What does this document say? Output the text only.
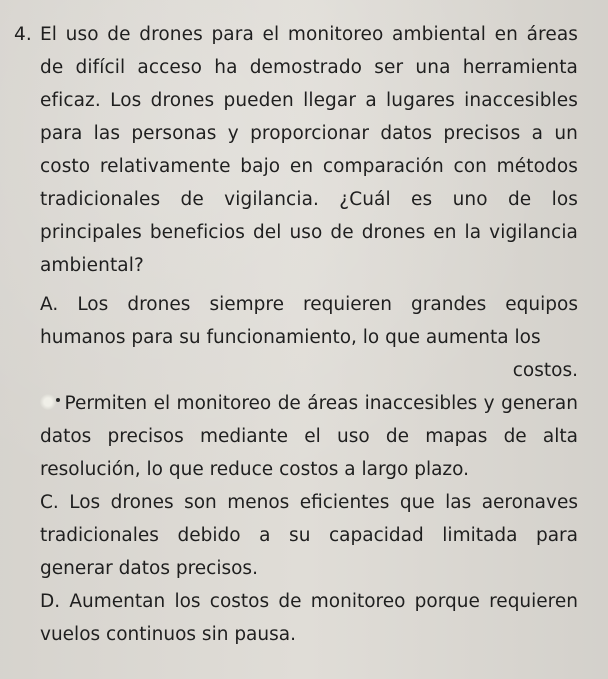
4. El uso de drones para el monitoreo ambiental en áreas de difícil acceso ha demostrado ser una herramienta eficaz. Los drones pueden llegar a lugares inaccesibles para las personas y proporcionar datos precisos a un costo relativamente bajo en comparación con métodos tradicionales de vigilancia. ¿Cuál es uno de los principales beneficios del uso de drones en la vigilancia ambiental?
A. Los drones siempre requieren grandes equipos humanos para su funcionamiento, lo que aumenta los
costos.
Permiten el monitoreo de áreas inaccesibles y generan datos precisos mediante el uso de mapas de alta resolución, lo que reduce costos a largo plazo.
C. Los drones son menos eficientes que las aeronaves tradicionales debido a su capacidad limitada para generar datos precisos.
D. Aumentan los costos de monitoreo porque requieren vuelos continuos sin pausa.
